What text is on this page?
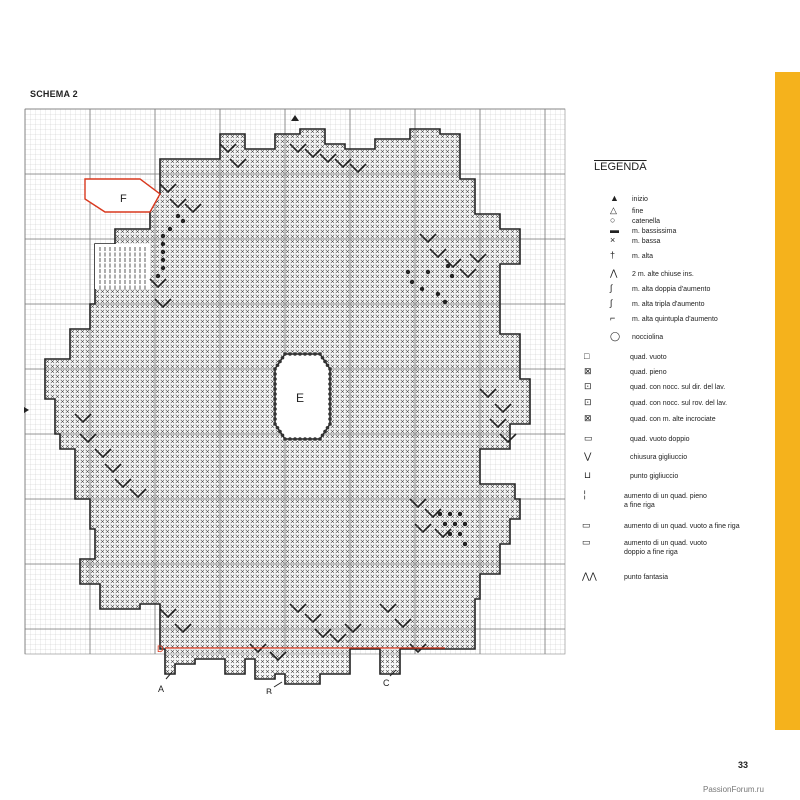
SCHEMA 2
F
E
D
A	B
C
LEGENDA
▲	inizio
△	fine
○	catenella
▬	m. bassissima
×	m. bassa
†	m. alta
⋀	2 m. alte chiuse ins.
∫	m. alta doppia d'aumento
∫	m. alta tripla d'aumento
⌐	m. alta quintupla d'aumento
◯ nocciolina
□	quad. vuoto
⊠	quad. pieno
⊡	quad. con nocc. sul dir. del lav.
⊡	quad. con nocc. sul rov. del lav.
⊠	quad. con m. alte incrociate
▭	quad. vuoto doppio
⋁	chiusura gigliuccio
⊔	punto gigliuccio
╎	aumento di un quad. pieno
a fine riga
▭	aumento di un quad. vuoto a fine riga
▭	aumento di un quad. vuoto
doppio a fine riga
⋀⋀	punto fantasia
33
PassionForum.ru
